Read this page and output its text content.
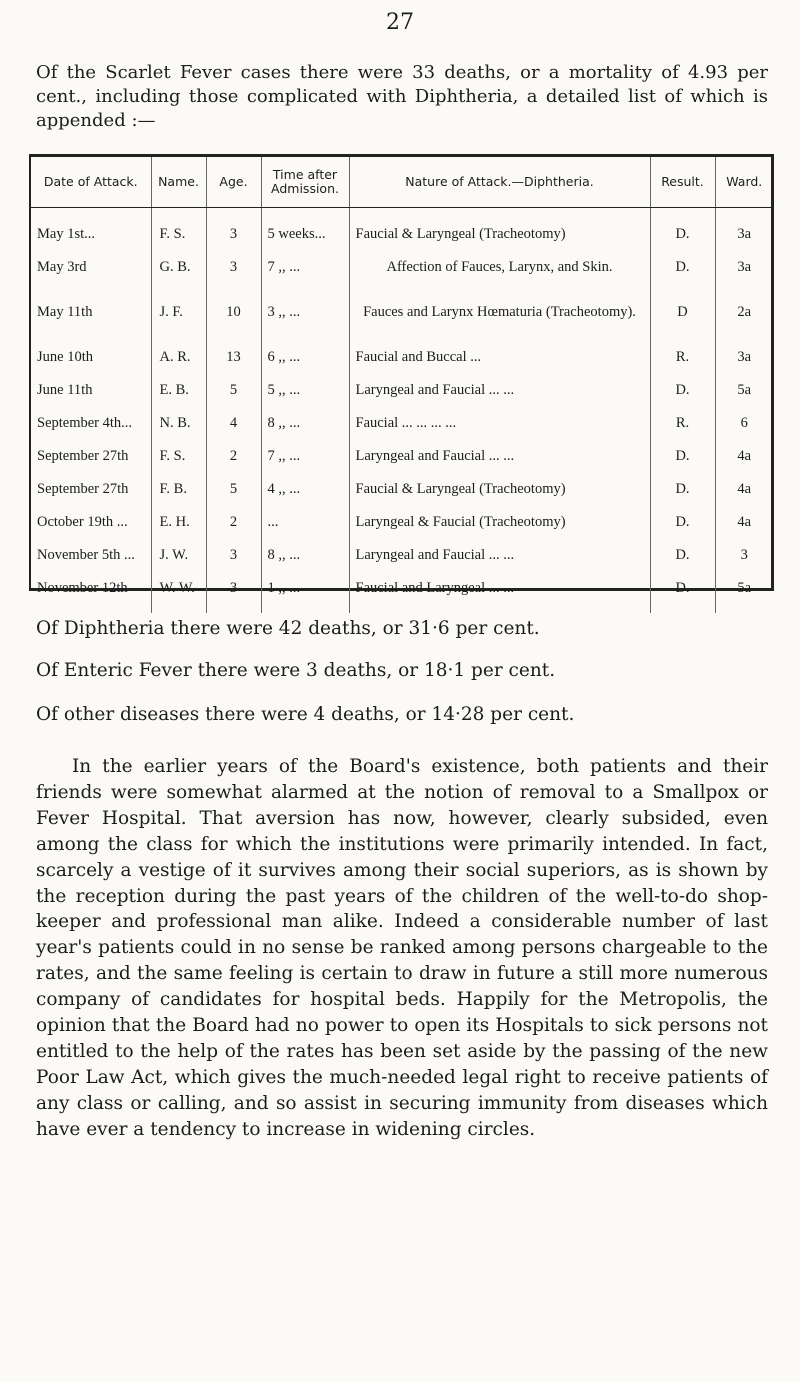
27

Of the Scarlet Fever cases there were 33 deaths, or a mortality of 4.93 per cent., including those complicated with Diphtheria, a detailed list of which is appended :—

Date of Attack.	Name.	Age.	Time after Admission.	Nature of Attack.—Diphtheria.	Result.	Ward.

May 1st...	F. S.	3	5 weeks...	Faucial & Laryngeal (Tracheotomy)	D.	3a
May 3rd	G. B.	3	7 ,, ...	Affection of Fauces, Larynx, and Skin.	D.	3a
May 11th	J. F.	10	3 ,, ...	Fauces and Larynx Hœmaturia (Tracheotomy).	D	2a
June 10th	A. R.	13	6 ,, ...	Faucial and Buccal ...	R.	3a
June 11th	E. B.	5	5 ,, ...	Laryngeal and Faucial ... ...	D.	5a
September 4th...	N. B.	4	8 ,, ...	Faucial ... ... ... ...	R.	6
September 27th	F. S.	2	7 ,, ...	Laryngeal and Faucial ... ...	D.	4a
September 27th	F. B.	5	4 ,, ...	Faucial & Laryngeal (Tracheotomy)	D.	4a
October 19th ...	E. H.	2	...	Laryngeal & Faucial (Tracheotomy)	D.	4a
November 5th ...	J. W.	3	8 ,, ...	Laryngeal and Faucial ... ...	D.	3
November 12th	W. W.	3	1 ,, ...	Faucial and Laryngeal ... ...	D.	5a

Of Diphtheria there were 42 deaths, or 31·6 per cent.

Of Enteric Fever there were 3 deaths, or 18·1 per cent.

Of other diseases there were 4 deaths, or 14·28 per cent.

In the earlier years of the Board's existence, both patients and their friends were somewhat alarmed at the notion of removal to a Smallpox or Fever Hospital. That aversion has now, however, clearly subsided, even among the class for which the institutions were primarily intended. In fact, scarcely a vestige of it survives among their social superiors, as is shown by the reception during the past years of the children of the well-to-do shop-keeper and professional man alike. Indeed a considerable number of last year's patients could in no sense be ranked among persons chargeable to the rates, and the same feeling is certain to draw in future a still more numerous company of candidates for hospital beds. Happily for the Metropolis, the opinion that the Board had no power to open its Hospitals to sick persons not entitled to the help of the rates has been set aside by the passing of the new Poor Law Act, which gives the much-needed legal right to receive patients of any class or calling, and so assist in securing immunity from diseases which have ever a tendency to increase in widening circles.
